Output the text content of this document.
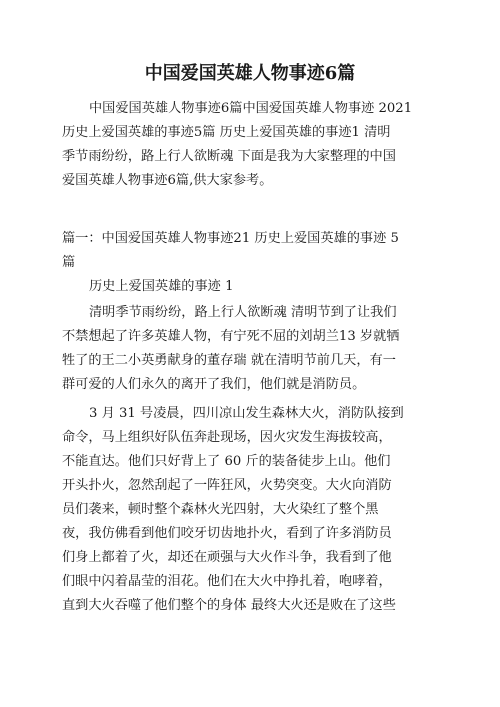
中国爱国英雄人物事迹6篇
中国爱国英雄人物事迹6篇中国爱国英雄人物事迹 2021
历史上爱国英雄的事迹5篇 历史上爱国英雄的事迹1 清明
季节雨纷纷，路上行人欲断魂 下面是我为大家整理的中国
爱国英雄人物事迹6篇,供大家参考。
篇一：中国爱国英雄人物事迹21 历史上爱国英雄的事迹 5
篇
历史上爱国英雄的事迹 1
清明季节雨纷纷，路上行人欲断魂 清明节到了让我们
不禁想起了许多英雄人物，有宁死不屈的刘胡兰13 岁就牺
牲了的王二小英勇献身的董存瑞 就在清明节前几天，有一
群可爱的人们永久的离开了我们，他们就是消防员。
3 月 31 号凌晨，四川凉山发生森林大火，消防队接到
命令，马上组织好队伍奔赴现场，因火灾发生海拔较高，
不能直达。他们只好背上了 60 斤的装备徒步上山。他们
开头扑火，忽然刮起了一阵狂风，火势突变。大火向消防
员们袭来，顿时整个森林火光四射，大火染红了整个黑
夜，我仿佛看到他们咬牙切齿地扑火，看到了许多消防员
们身上都着了火，却还在顽强与大火作斗争，我看到了他
们眼中闪着晶莹的泪花。他们在大火中挣扎着，咆哮着，
直到大火吞噬了他们整个的身体 最终大火还是败在了这些
